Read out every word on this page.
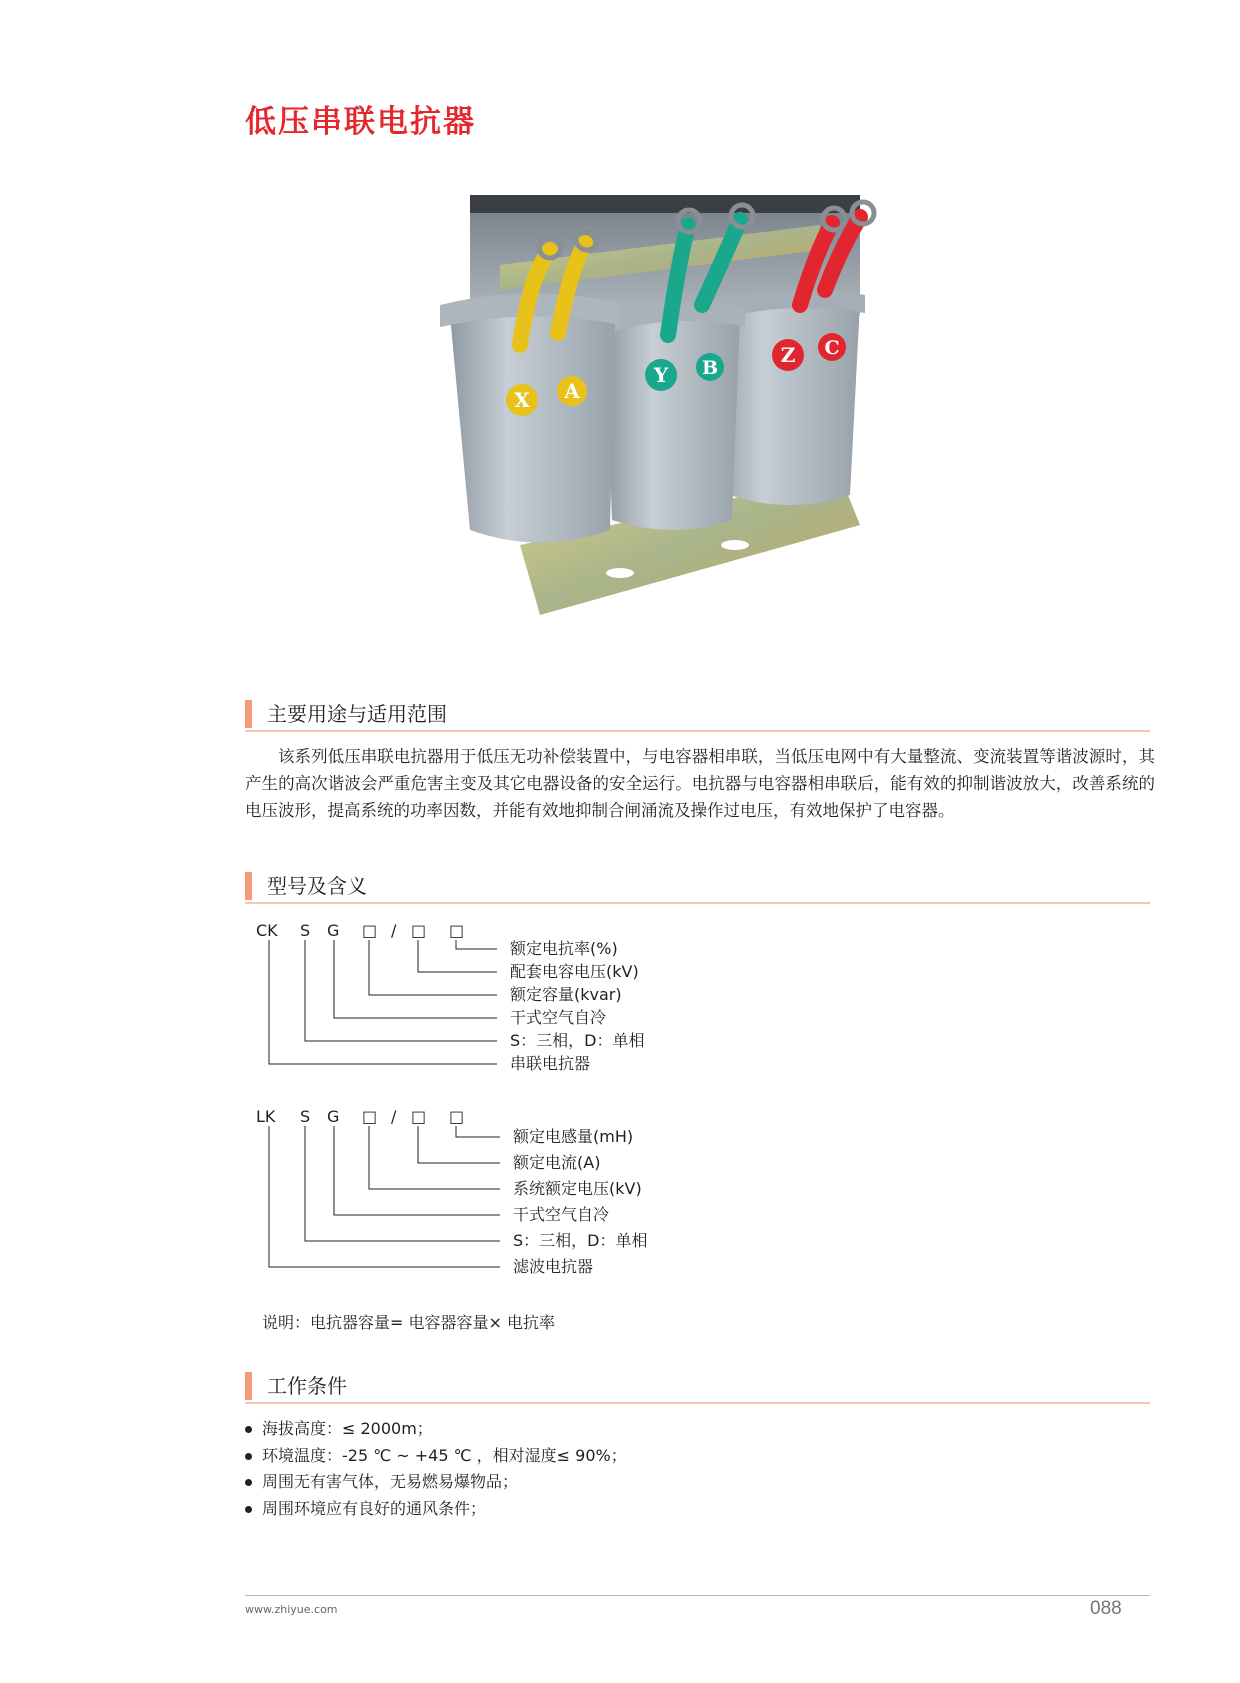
低压串联电抗器
X A
Y B
Z C
主要用途与适用范围

该系列低压串联电抗器用于低压无功补偿装置中，与电容器相串联，当低压电网中有大量整流、变流装置等谐波源时，其产生的高次谐波会严重危害主变及其它电器设备的安全运行。电抗器与电容器相串联后，能有效的抑制谐波放大，改善系统的电压波形，提高系统的功率因数，并能有效地抑制合闸涌流及操作过电压，有效地保护了电容器。

型号及含义
CK S G □ / □ □
额定电抗率(%)
配套电容电压(kV)
额定容量(kvar)
干式空气自冷
S：三相，D：单相
串联电抗器
LK S G □ / □ □
额定电感量(mH)
额定电流(A)
系统额定电压(kV)
干式空气自冷
S：三相，D：单相
滤波电抗器
说明：电抗器容量= 电容器容量× 电抗率
工作条件
海拔高度：≤ 2000m；
环境温度：-25 ℃ ~ +45 ℃ ，相对湿度≤ 90%；
周围无有害气体，无易燃易爆物品；
周围环境应有良好的通风条件；
www.zhiyue.com	088
